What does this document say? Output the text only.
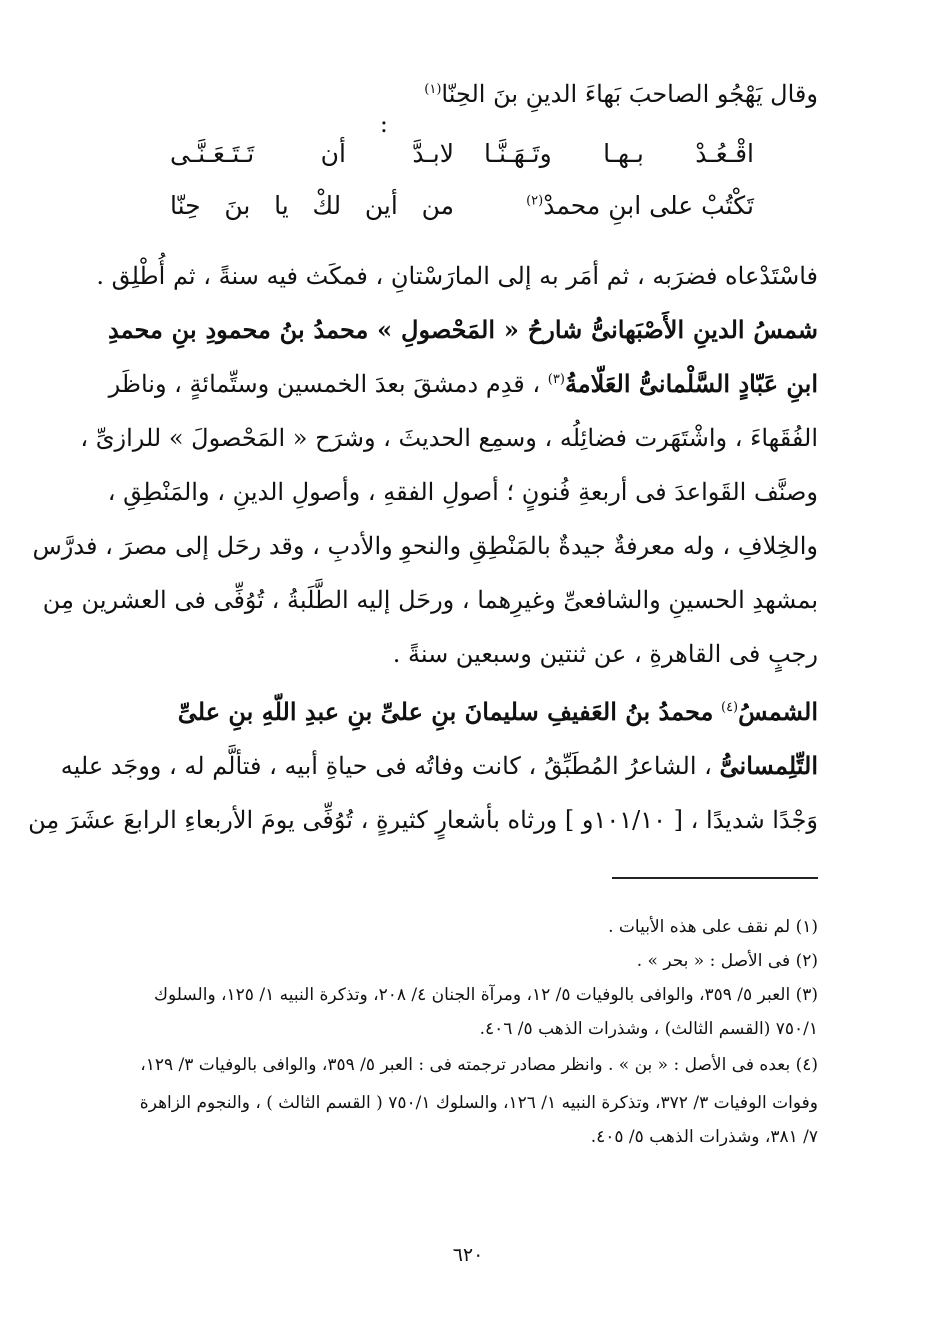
وقال يَهْجُو الصاحبَ بَهاءَ الدينِ بنَ الحِنّا$^{(١)}$
:
اقْـعُـدْ بـهـا وتَـهَـنَّـا
لابـدَّ أن تَـتَـعَـنَّـى
تَكْتُبْ على ابنِ محمدْ$^{(٢)}$
من أين لكْ يا بنَ حِنّا
فاسْتَدْعاه فضرَبه ، ثم أمَر به إلى المارَسْتانِ ، فمكَث فيه سنةً ، ثم أُطْلِق .
شمسُ الدينِ الأَصْبَهانىُّ شارحُ « المَحْصولِ » محمدُ بنُ محمودِ بنِ محمدِ
ابنِ عَبّادٍ السَّلْمانىُّ العَلّامةُ$^{(٣)}$ ، قدِم دمشقَ بعدَ الخمسين وستِّمائةٍ ، وناظَر
الفُقَهاءَ ، واشْتَهَرت فضائِلُه ، وسمِع الحديثَ ، وشرَح « المَحْصولَ » للرازىِّ ،
وصنَّف القَواعدَ فى أربعةِ فُنونٍ ؛ أصولِ الفقهِ ، وأصولِ الدينِ ، والمَنْطِقِ ،
والخِلافِ ، وله معرفةٌ جيدةٌ بالمَنْطِقِ والنحوِ والأدبِ ، وقد رحَل إلى مصرَ ، فدرَّس
بمشهدِ الحسينِ والشافعىِّ وغيرِهما ، ورحَل إليه الطَّلَبةُ ، تُوُفِّى فى العشرين مِن
رجبٍ فى القاهرةِ ، عن ثنتين وسبعين سنةً .
الشمسُ$^{(٤)}$ محمدُ بنُ العَفيفِ سليمانَ بنِ علىِّ بنِ عبدِ اللّهِ بنِ علىِّ
التِّلِمسانىُّ ، الشاعرُ المُطَبِّقُ ، كانت وفاتُه فى حياةِ أبيه ، فتألَّم له ، ووجَد عليه
وَجْدًا شديدًا ، [ ١٠١/١٠و ] ورثاه بأشعارٍ كثيرةٍ ، تُوُفِّى يومَ الأربعاءِ الرابعَ عشَرَ مِن
(١) لم نقف على هذه الأبيات .
(٢) فى الأصل : « بحر » .
(٣) العبر ٥/ ٣٥٩، والوافى بالوفيات ٥/ ١٢، ومرآة الجنان ٤/ ٢٠٨، وتذكرة النبيه ١/ ١٢٥، والسلوك
٧٥٠/١ (القسم الثالث) ، وشذرات الذهب ٥/ ٤٠٦.
(٤) بعده فى الأصل : « بن » . وانظر مصادر ترجمته فى : العبر ٥/ ٣٥٩، والوافى بالوفيات ٣/ ١٢٩،
وفوات الوفيات ٣/ ٣٧٢، وتذكرة النبيه ١/ ١٢٦، والسلوك ٧٥٠/١ ( القسم الثالث ) ، والنجوم الزاهرة
٧/ ٣٨١، وشذرات الذهب ٥/ ٤٠٥.
٦٢٠
